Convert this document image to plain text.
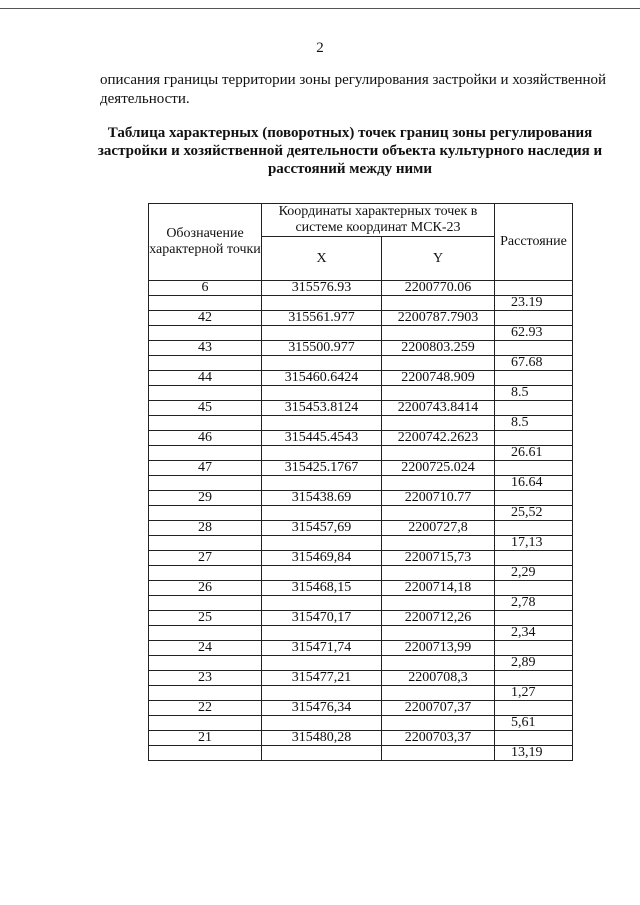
2
описания границы территории зоны регулирования застройки и хозяйственной деятельности.
Таблица характерных (поворотных) точек границ зоны регулирования застройки и хозяйственной деятельности объекта культурного наследия и расстояний между ними
Обозначение характерной точки	Координаты характерных точек в системе координат МСК-23		Расстояние
	X	Y	
6	315576.93	2200770.06	
			23.19
42	315561.977	2200787.7903	
			62.93
43	315500.977	2200803.259	
			67.68
44	315460.6424	2200748.909	
			8.5
45	315453.8124	2200743.8414	
			8.5
46	315445.4543	2200742.2623	
			26.61
47	315425.1767	2200725.024	
			16.64
29	315438.69	2200710.77	
			25,52
28	315457,69	2200727,8	
			17,13
27	315469,84	2200715,73	
			2,29
26	315468,15	2200714,18	
			2,78
25	315470,17	2200712,26	
			2,34
24	315471,74	2200713,99	
			2,89
23	315477,21	2200708,3	
			1,27
22	315476,34	2200707,37	
			5,61
21	315480,28	2200703,37	
			13,19
